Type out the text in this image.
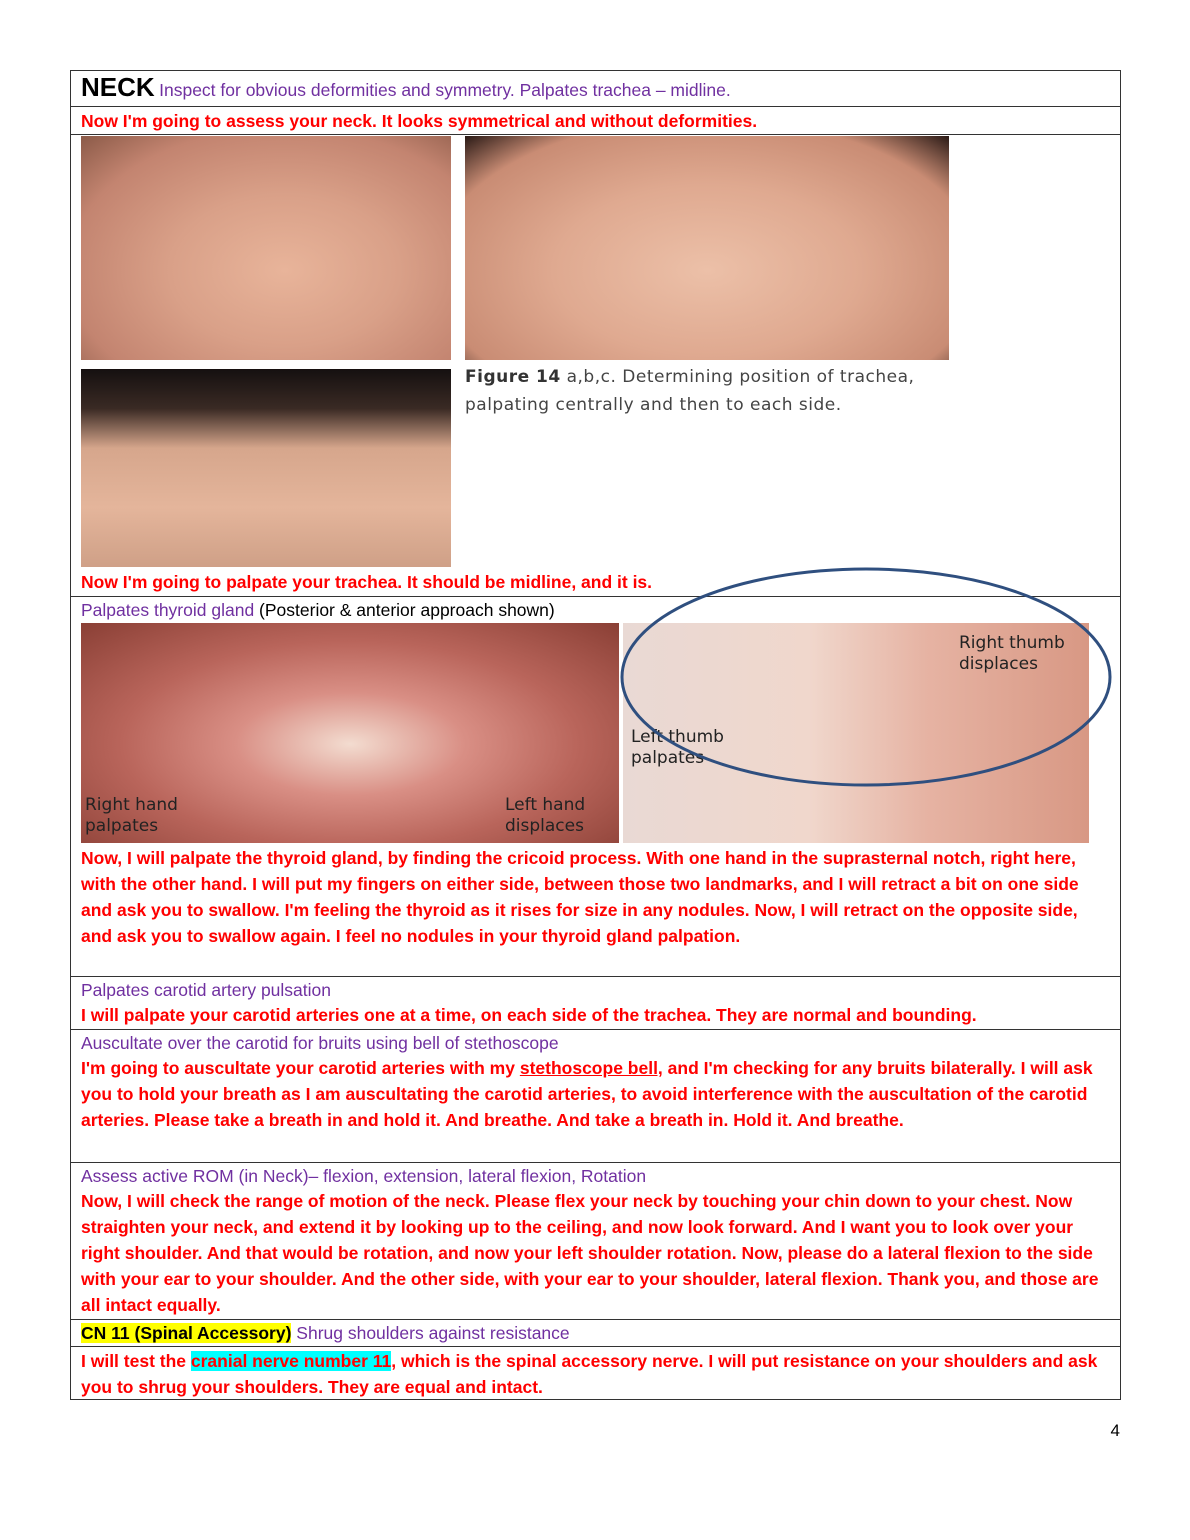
NECK Inspect for obvious deformities and symmetry. Palpates trachea – midline.
Now I'm going to assess your neck. It looks symmetrical and without deformities.
Figure 14 a,b,c. Determining position of trachea, palpating centrally and then to each side.
Now I'm going to palpate your trachea. It should be midline, and it is.
Palpates thyroid gland (Posterior & anterior approach shown)
Right hand
palpates
Left hand
displaces
Right thumb
displaces
Left thumb
palpates
Now, I will palpate the thyroid gland, by finding the cricoid process. With one hand in the suprasternal notch, right here, with the other hand. I will put my fingers on either side, between those two landmarks, and I will retract a bit on one side and ask you to swallow. I'm feeling the thyroid as it rises for size in any nodules. Now, I will retract on the opposite side, and ask you to swallow again. I feel no nodules in your thyroid gland palpation.
Palpates carotid artery pulsation
I will palpate your carotid arteries one at a time, on each side of the trachea. They are normal and bounding.
Auscultate over the carotid for bruits using bell of stethoscope
I'm going to auscultate your carotid arteries with my stethoscope bell, and I'm checking for any bruits bilaterally. I will ask you to hold your breath as I am auscultating the carotid arteries, to avoid interference with the auscultation of the carotid arteries. Please take a breath in and hold it. And breathe. And take a breath in. Hold it. And breathe.
Assess active ROM (in Neck)– flexion, extension, lateral flexion, Rotation
Now, I will check the range of motion of the neck. Please flex your neck by touching your chin down to your chest. Now straighten your neck, and extend it by looking up to the ceiling, and now look forward. And I want you to look over your right shoulder. And that would be rotation, and now your left shoulder rotation. Now, please do a lateral flexion to the side with your ear to your shoulder. And the other side, with your ear to your shoulder, lateral flexion. Thank you, and those are all intact equally.
CN 11 (Spinal Accessory) Shrug shoulders against resistance
I will test the cranial nerve number 11, which is the spinal accessory nerve. I will put resistance on your shoulders and ask you to shrug your shoulders. They are equal and intact.
4
